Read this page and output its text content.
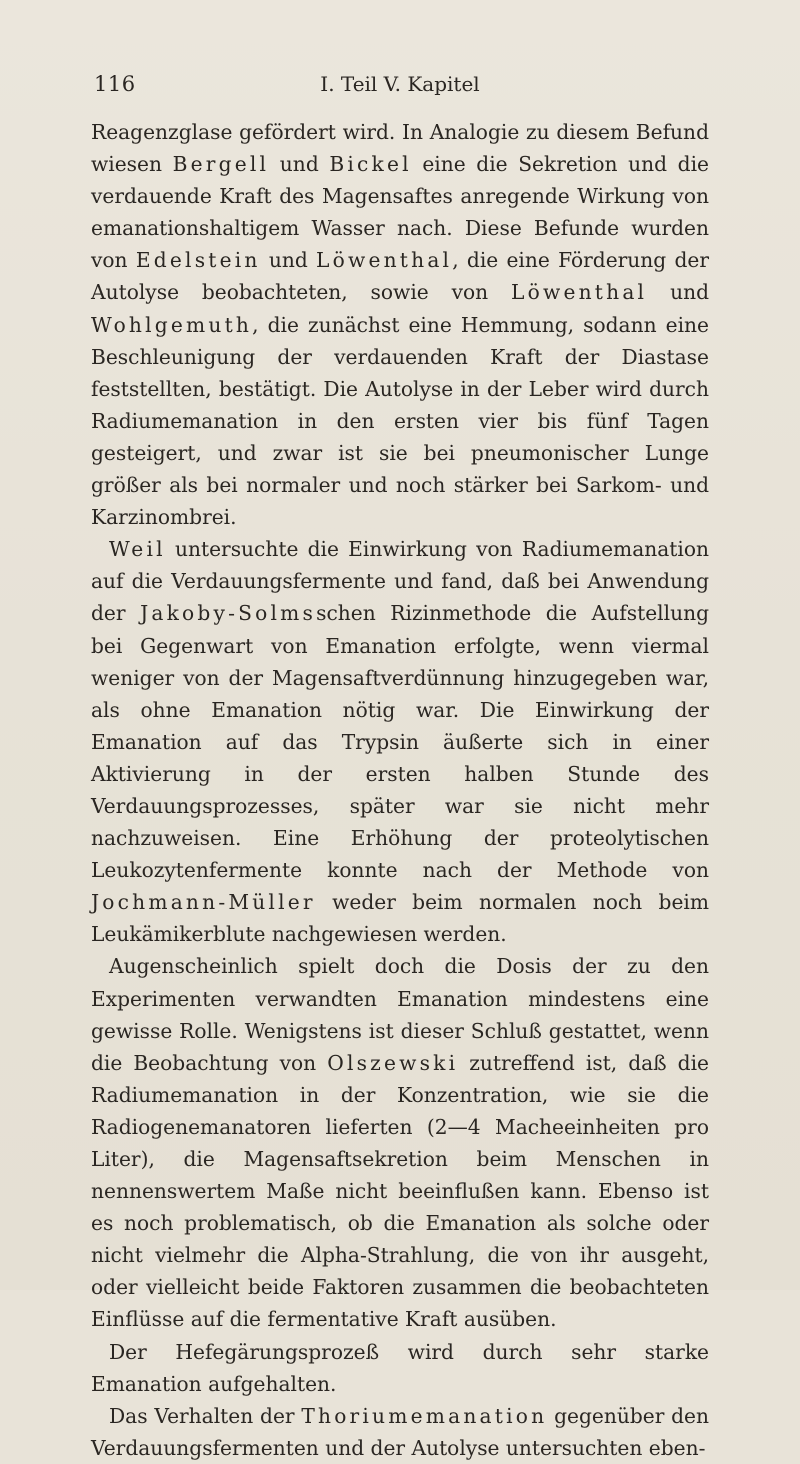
116	I. Teil V. Kapitel

Reagenzglase gefördert wird. In Analogie zu diesem Befund wiesen Bergell und Bickel eine die Sekretion und die verdauende Kraft des Magensaftes anregende Wirkung von emanationshaltigem Wasser nach. Diese Befunde wurden von Edelstein und Löwenthal, die eine Förderung der Autolyse beobachteten, sowie von Löwenthal und Wohlgemuth, die zunächst eine Hemmung, sodann eine Beschleunigung der verdauenden Kraft der Diastase feststellten, bestätigt. Die Autolyse in der Leber wird durch Radiumemanation in den ersten vier bis fünf Tagen gesteigert, und zwar ist sie bei pneumonischer Lunge größer als bei normaler und noch stärker bei Sarkom- und Karzinombrei.

Weil untersuchte die Einwirkung von Radiumemanation auf die Verdauungsfermente und fand, daß bei Anwendung der Jakoby-Solmsschen Rizinmethode die Aufstellung bei Gegenwart von Emanation erfolgte, wenn viermal weniger von der Magensaftverdünnung hinzugegeben war, als ohne Emanation nötig war. Die Einwirkung der Emanation auf das Trypsin äußerte sich in einer Aktivierung in der ersten halben Stunde des Verdauungsprozesses, später war sie nicht mehr nachzuweisen. Eine Erhöhung der proteolytischen Leukozytenfermente konnte nach der Methode von Jochmann-Müller weder beim normalen noch beim Leukämikerblute nachgewiesen werden.

Augenscheinlich spielt doch die Dosis der zu den Experimenten verwandten Emanation mindestens eine gewisse Rolle. Wenigstens ist dieser Schluß gestattet, wenn die Beobachtung von Olszewski zutreffend ist, daß die Radiumemanation in der Konzentration, wie sie die Radiogenemanatoren lieferten (2—4 Macheeinheiten pro Liter), die Magensaftsekretion beim Menschen in nennenswertem Maße nicht beeinflußen kann. Ebenso ist es noch problematisch, ob die Emanation als solche oder nicht vielmehr die Alpha-Strahlung, die von ihr ausgeht, oder vielleicht beide Faktoren zusammen die beobachteten Einflüsse auf die fermentative Kraft ausüben.

Der Hefegärungsprozeß wird durch sehr starke Emanation aufgehalten.

Das Verhalten der Thoriumemanation gegenüber den Verdauungsfermenten und der Autolyse untersuchten eben-
